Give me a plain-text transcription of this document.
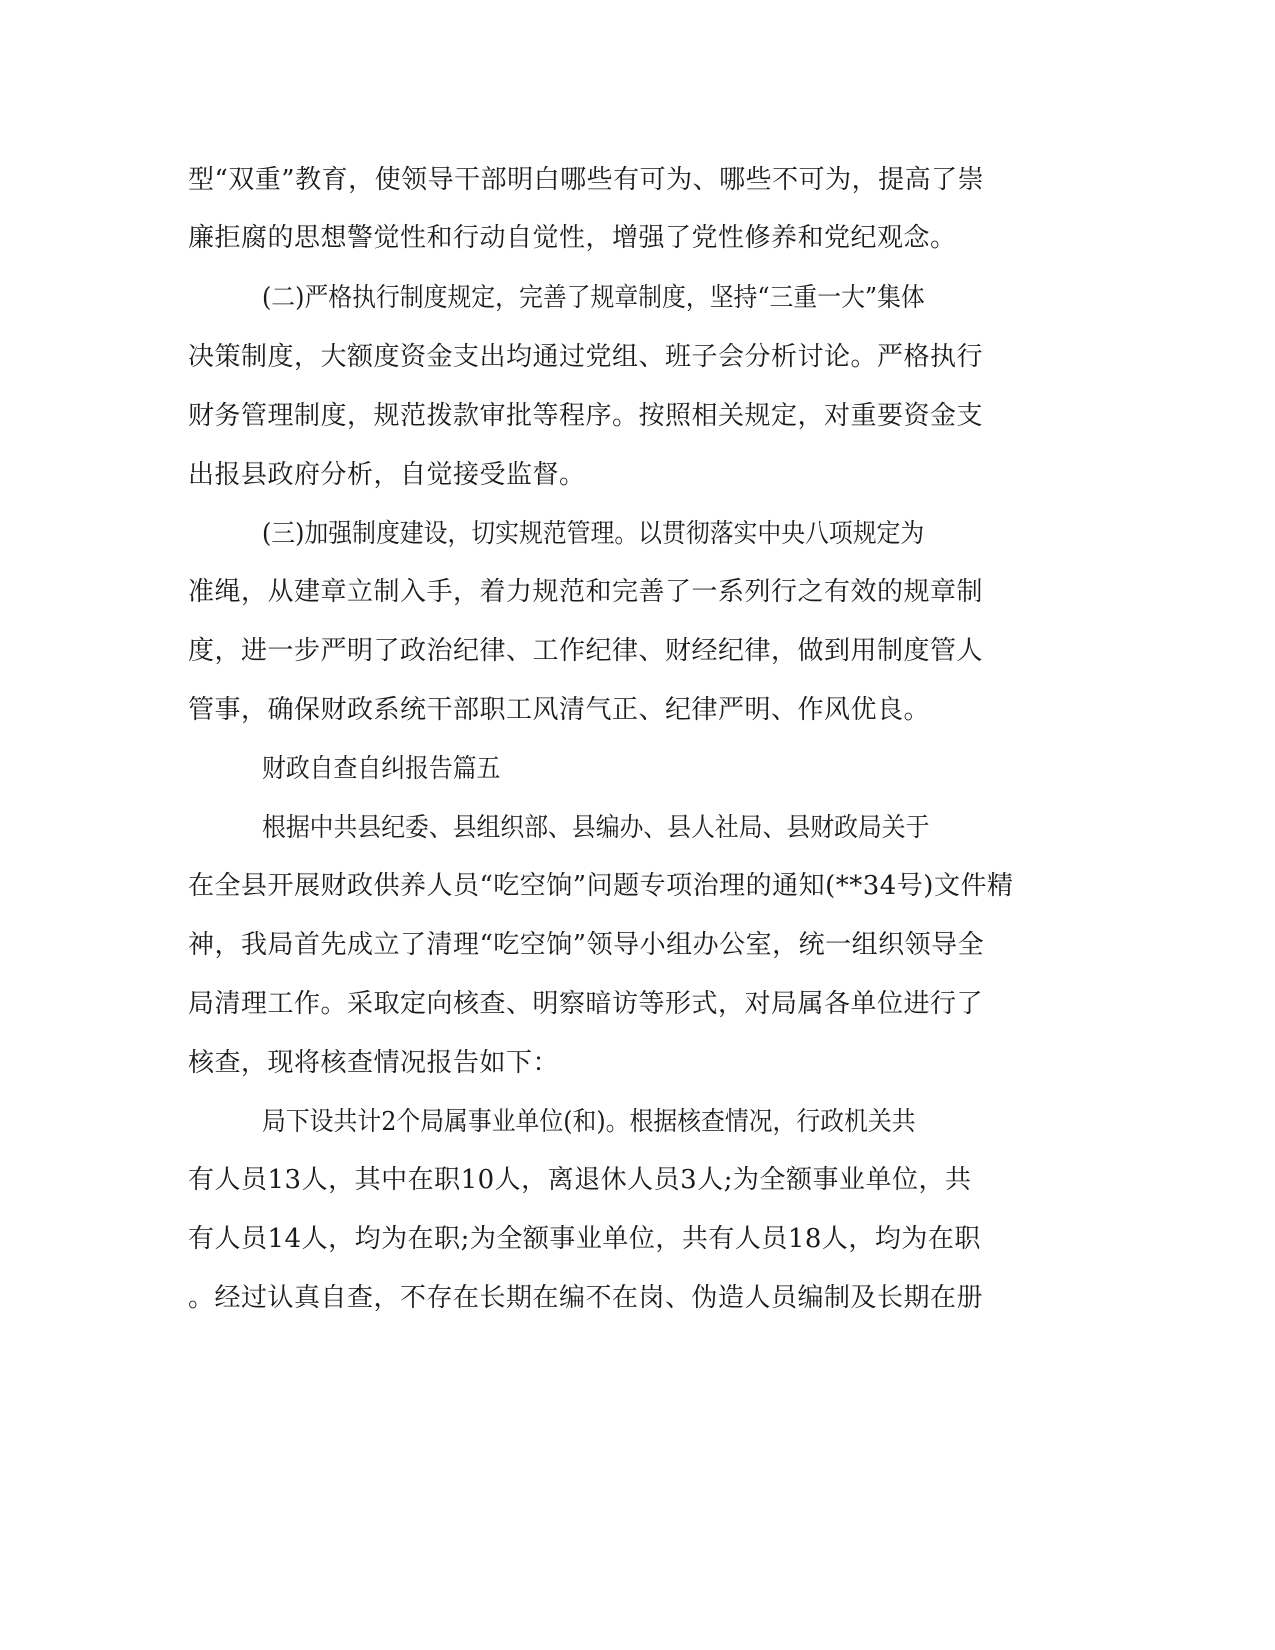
型“双重”教育，使领导干部明白哪些有可为、哪些不可为，提高了崇
廉拒腐的思想警觉性和行动自觉性，增强了党性修养和党纪观念。
(二)严格执行制度规定，完善了规章制度，坚持“三重一大”集体
决策制度，大额度资金支出均通过党组、班子会分析讨论。严格执行
财务管理制度，规范拨款审批等程序。按照相关规定，对重要资金支
出报县政府分析，自觉接受监督。
(三)加强制度建设，切实规范管理。以贯彻落实中央八项规定为
准绳，从建章立制入手，着力规范和完善了一系列行之有效的规章制
度，进一步严明了政治纪律、工作纪律、财经纪律，做到用制度管人
管事，确保财政系统干部职工风清气正、纪律严明、作风优良。
财政自查自纠报告篇五
根据中共县纪委、县组织部、县编办、县人社局、县财政局关于
在全县开展财政供养人员“吃空饷”问题专项治理的通知(**34号)文件精
神，我局首先成立了清理“吃空饷”领导小组办公室，统一组织领导全
局清理工作。采取定向核查、明察暗访等形式，对局属各单位进行了
核查，现将核查情况报告如下：
局下设共计2个局属事业单位(和)。根据核查情况，行政机关共
有人员13人，其中在职10人，离退休人员3人;为全额事业单位，共
有人员14人，均为在职;为全额事业单位，共有人员18人，均为在职
。经过认真自查，不存在长期在编不在岗、伪造人员编制及长期在册
